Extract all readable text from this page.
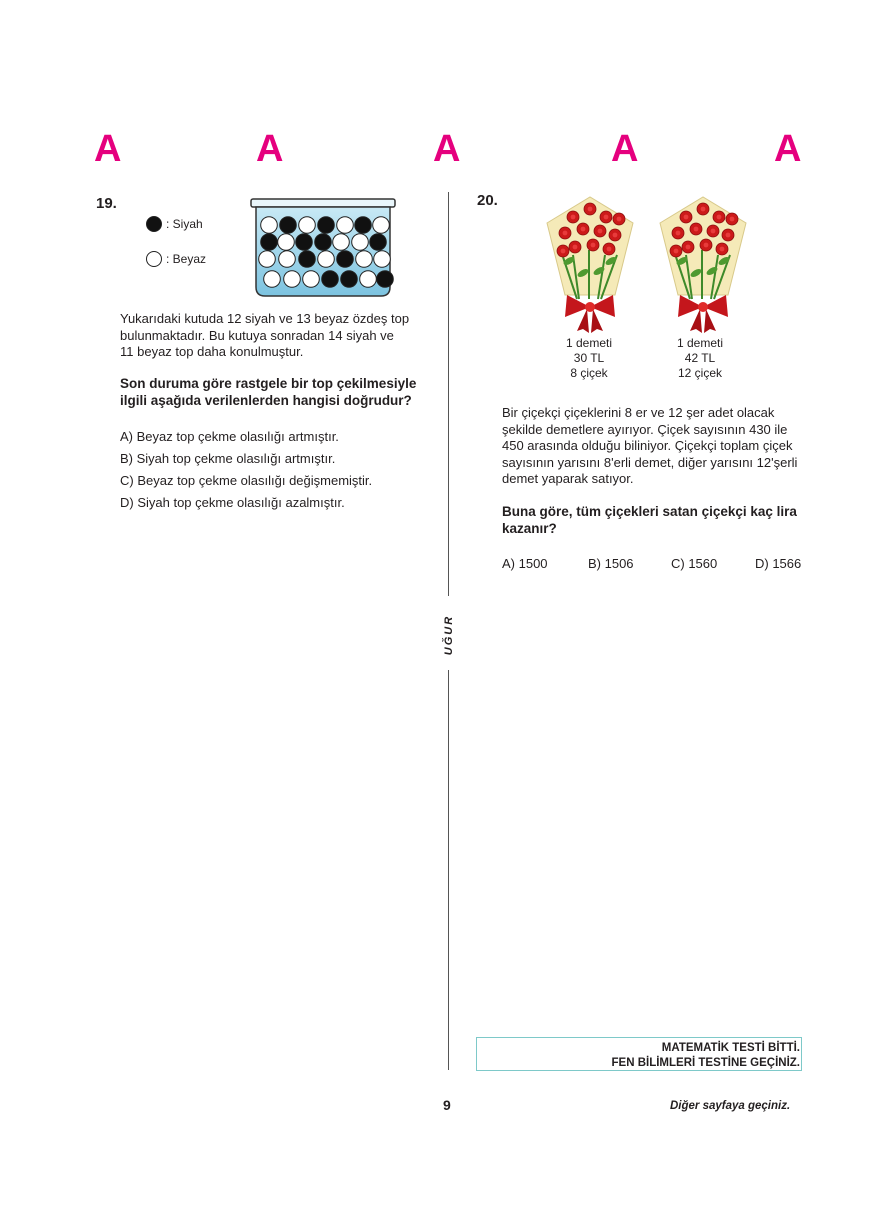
A	A	A	A	A
UĞUR
19.
: Siyah
: Beyaz
Yukarıdaki kutuda 12 siyah ve 13 beyaz özdeş top
bulunmaktadır. Bu kutuya sonradan 14 siyah ve
11 beyaz top daha konulmuştur.
Son duruma göre rastgele bir top çekilmesiyle
ilgili aşağıda verilenlerden hangisi doğrudur?
A) Beyaz top çekme olasılığı artmıştır.
B) Siyah top çekme olasılığı artmıştır.
C) Beyaz top çekme olasılığı değişmemiştir.
D) Siyah top çekme olasılığı azalmıştır.
20.
1 demeti
30 TL
8 çiçek
1 demeti
42 TL
12 çiçek
Bir çiçekçi çiçeklerini 8 er ve 12 şer adet olacak
şekilde demetlere ayırıyor. Çiçek sayısının 430 ile
450 arasında olduğu biliniyor. Çiçekçi toplam çiçek
sayısının yarısını 8'erli demet, diğer yarısını 12'şerli
demet yaparak satıyor.
Buna göre, tüm çiçekleri satan çiçekçi kaç lira
kazanır?
A) 1500	B) 1506	C) 1560	D) 1566
MATEMATİK TESTİ BİTTİ.
FEN BİLİMLERİ TESTİNE GEÇİNİZ.
9	Diğer sayfaya geçiniz.
